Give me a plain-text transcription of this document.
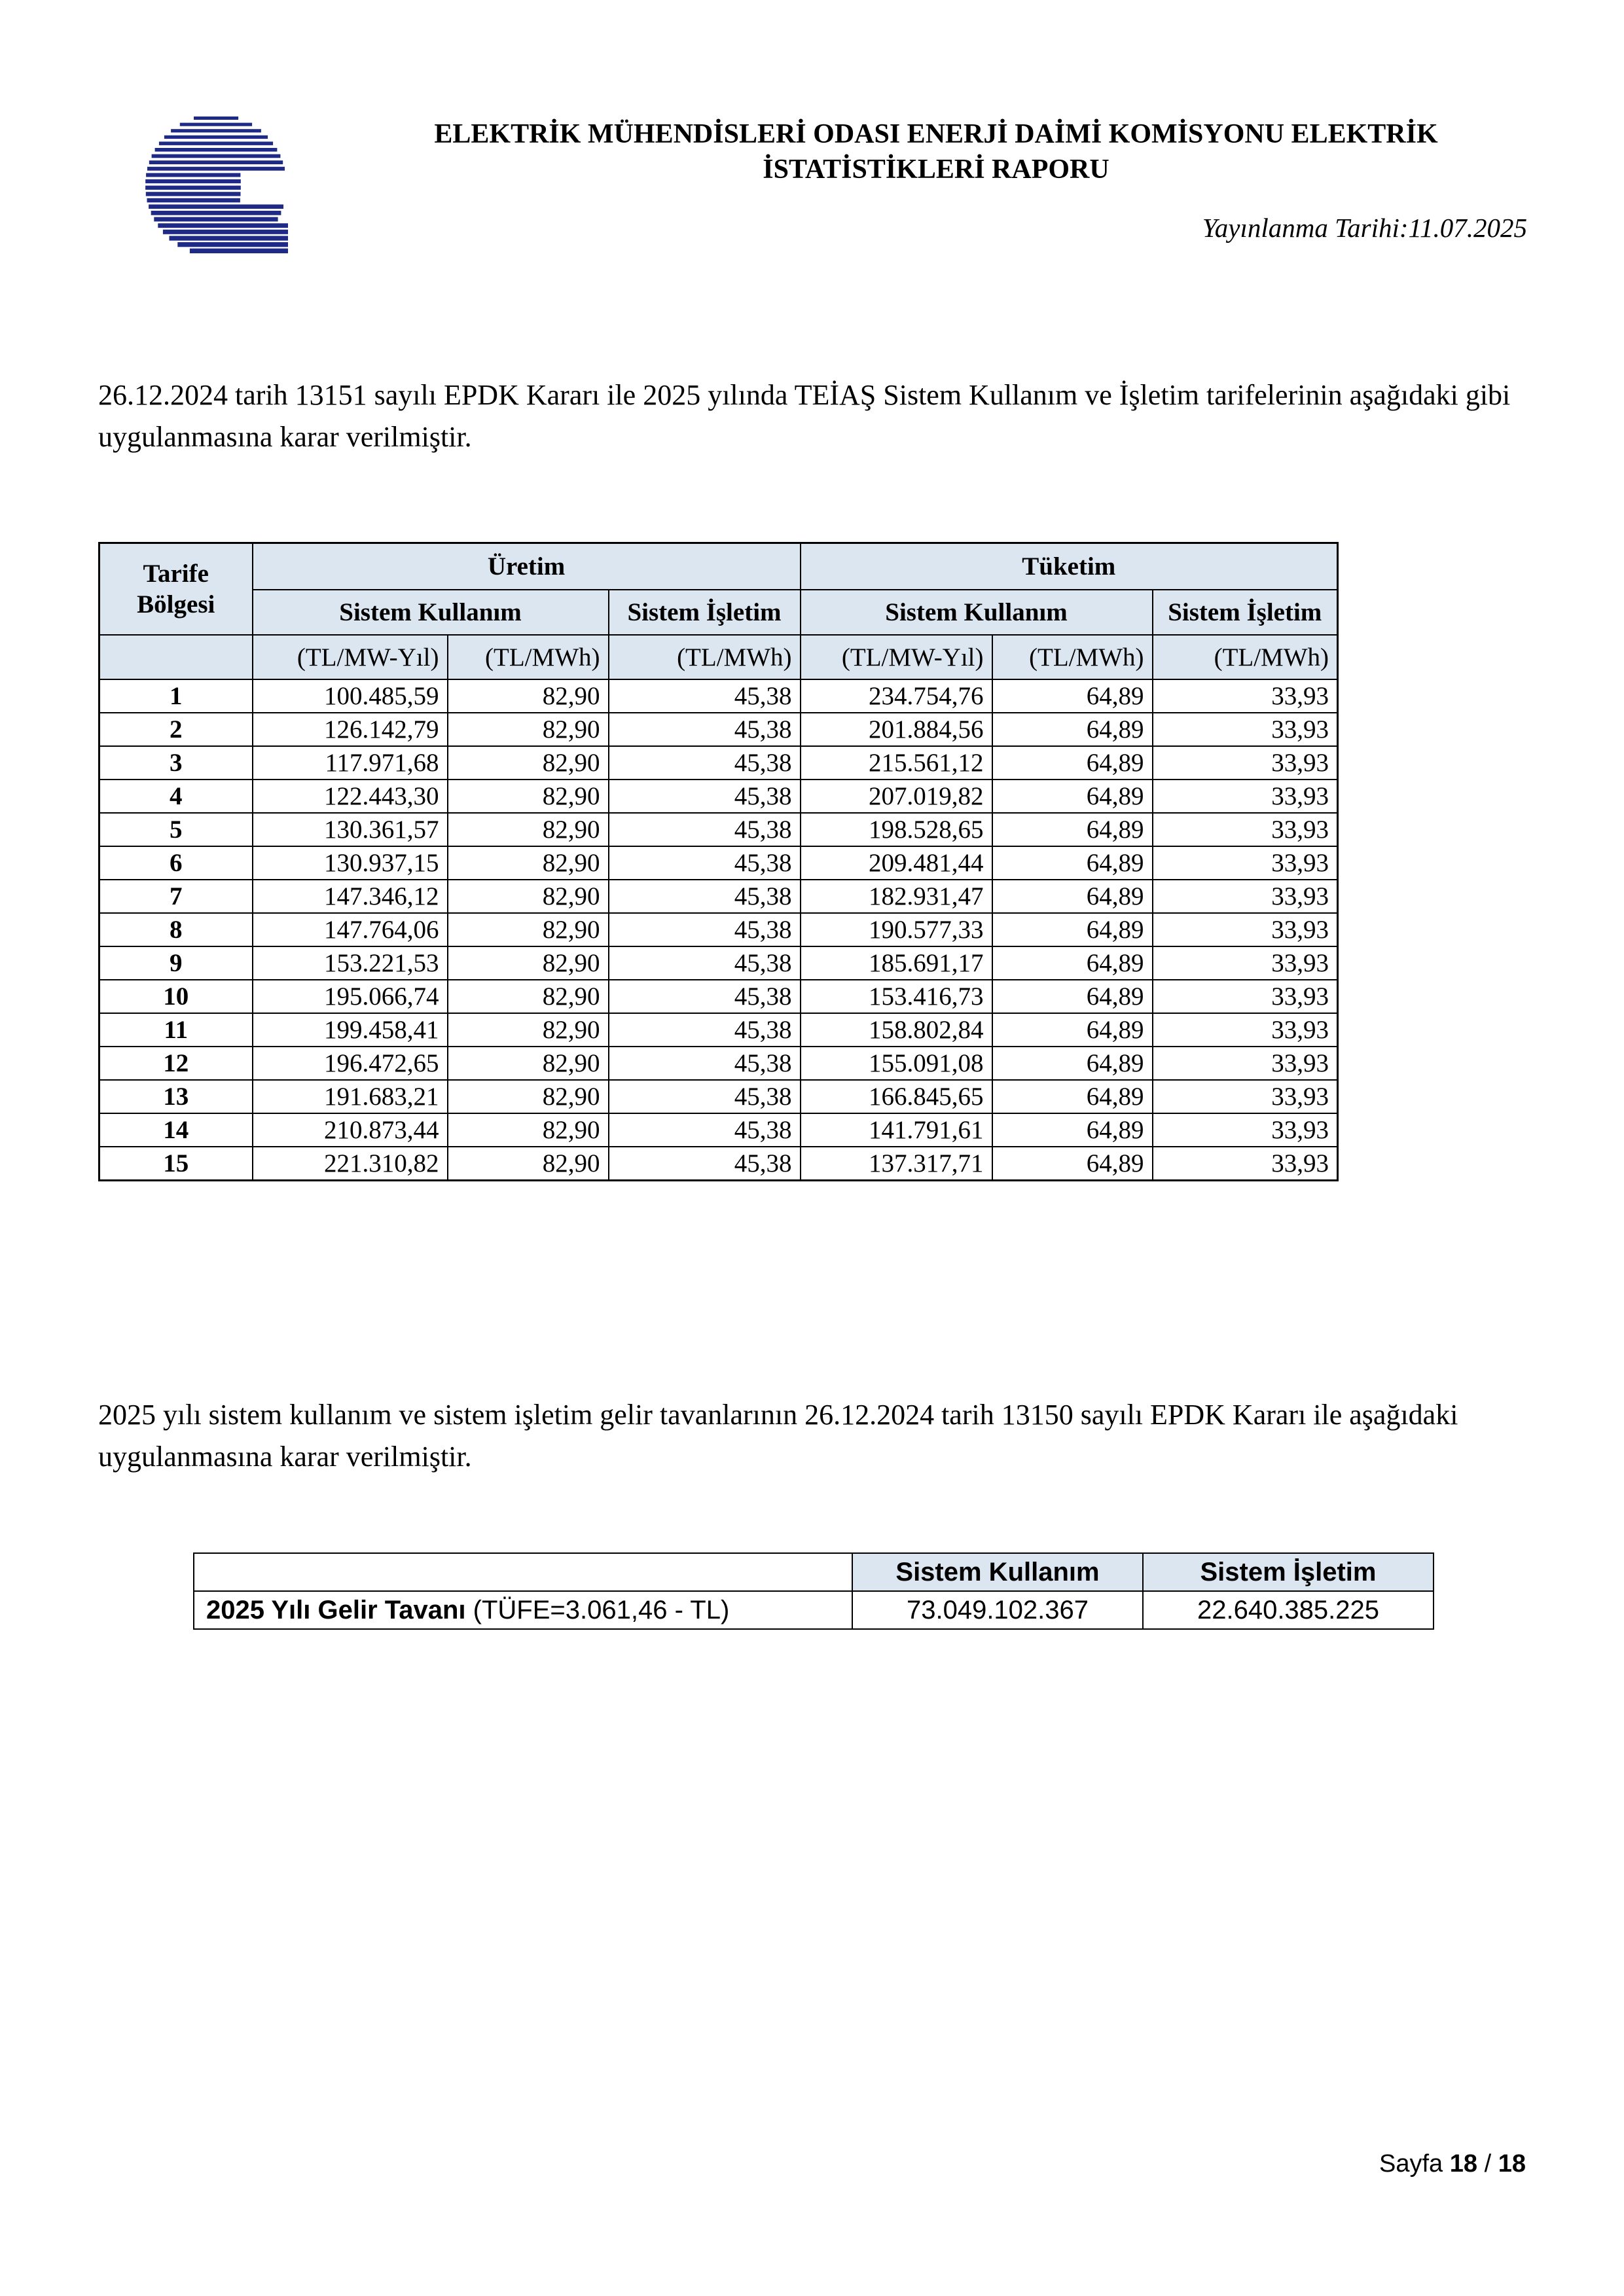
ELEKTRİK MÜHENDİSLERİ ODASI ENERJİ DAİMİ KOMİSYONU ELEKTRİK
İSTATİSTİKLERİ RAPORU
Yayınlanma Tarihi:11.07.2025
26.12.2024 tarih 13151 sayılı EPDK Kararı ile 2025 yılında TEİAŞ Sistem Kullanım ve İşletim tarifelerinin aşağıdaki gibi uygulanmasına karar verilmiştir.
Tarife Bölgesi	Üretim			Tüketim		
	Sistem Kullanım		Sistem İşletim	Sistem Kullanım		Sistem İşletim
	(TL/MW-Yıl)	(TL/MWh)	(TL/MWh)	(TL/MW-Yıl)	(TL/MWh)	(TL/MWh)
1	100.485,59	82,90	45,38	234.754,76	64,89	33,93
2	126.142,79	82,90	45,38	201.884,56	64,89	33,93
3	117.971,68	82,90	45,38	215.561,12	64,89	33,93
4	122.443,30	82,90	45,38	207.019,82	64,89	33,93
5	130.361,57	82,90	45,38	198.528,65	64,89	33,93
6	130.937,15	82,90	45,38	209.481,44	64,89	33,93
7	147.346,12	82,90	45,38	182.931,47	64,89	33,93
8	147.764,06	82,90	45,38	190.577,33	64,89	33,93
9	153.221,53	82,90	45,38	185.691,17	64,89	33,93
10	195.066,74	82,90	45,38	153.416,73	64,89	33,93
11	199.458,41	82,90	45,38	158.802,84	64,89	33,93
12	196.472,65	82,90	45,38	155.091,08	64,89	33,93
13	191.683,21	82,90	45,38	166.845,65	64,89	33,93
14	210.873,44	82,90	45,38	141.791,61	64,89	33,93
15	221.310,82	82,90	45,38	137.317,71	64,89	33,93
2025 yılı sistem kullanım ve sistem işletim gelir tavanlarının 26.12.2024 tarih 13150 sayılı EPDK Kararı ile aşağıdaki uygulanmasına karar verilmiştir.
	Sistem Kullanım	Sistem İşletim
2025 Yılı Gelir Tavanı (TÜFE=3.061,46 - TL)	73.049.102.367	22.640.385.225
Sayfa 18 / 18
